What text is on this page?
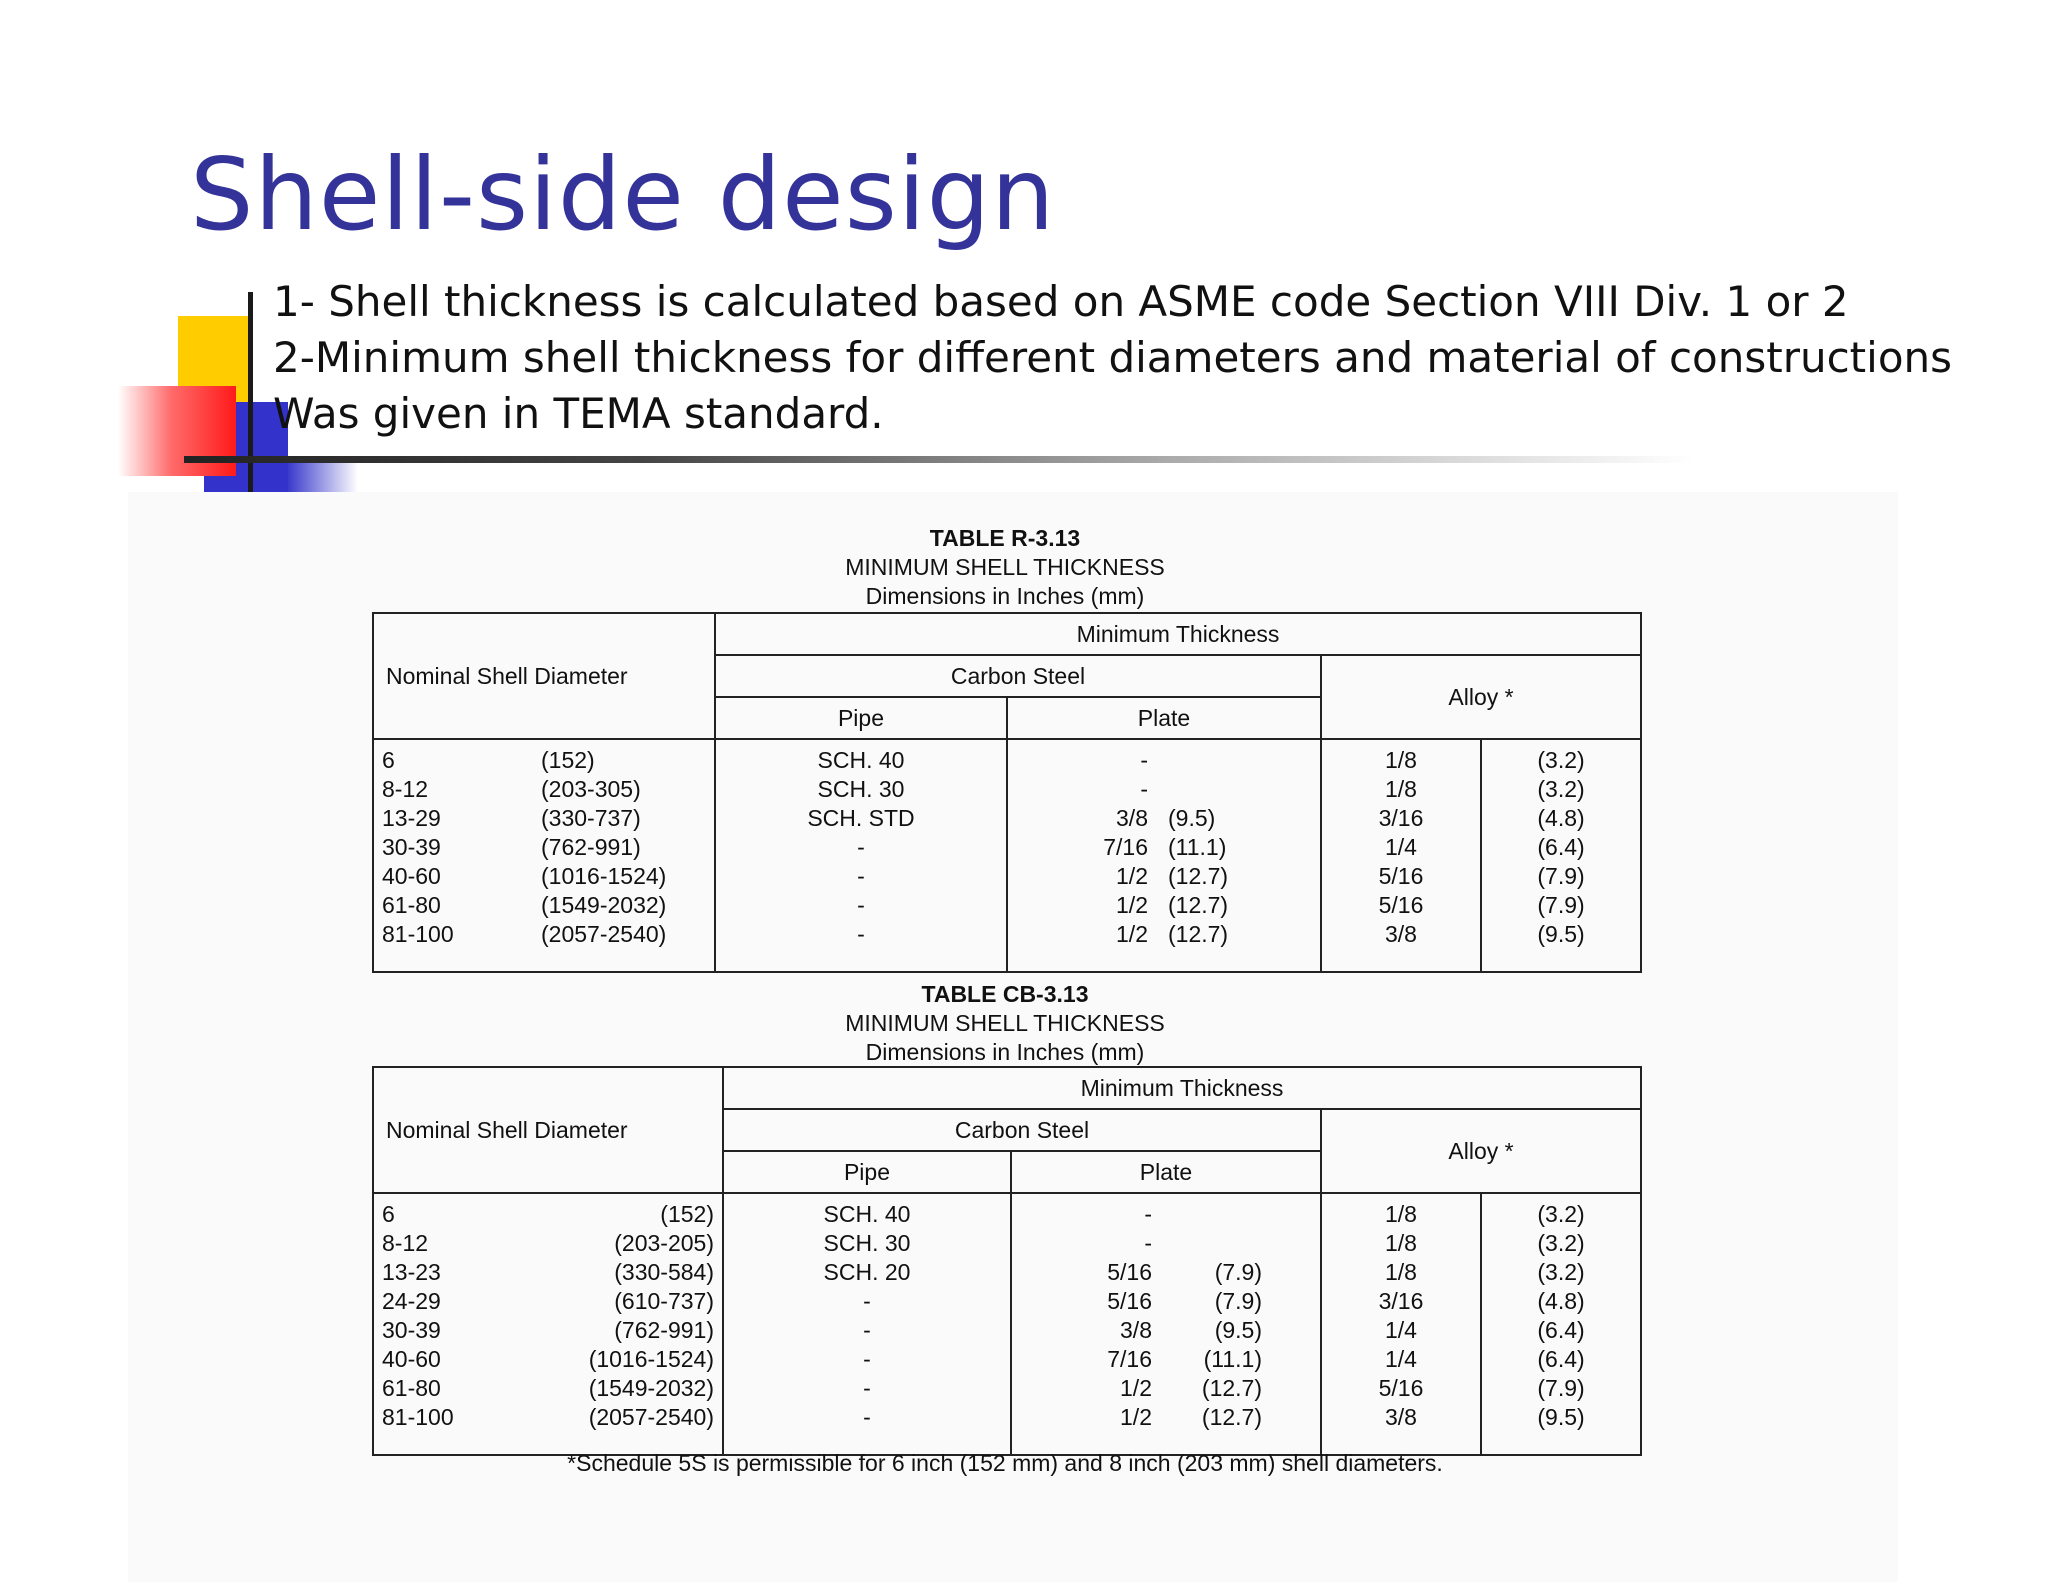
Shell-side design
1- Shell thickness is calculated based on ASME code Section VIII Div. 1 or 2
2-Minimum shell thickness for different diameters and material of constructions
Was given in TEMA standard.
TABLE R-3.13
MINIMUM SHELL THICKNESS
Dimensions in Inches (mm)
Nominal Shell Diameter		Minimum Thickness			
		Carbon Steel		Alloy *	
		Pipe	Plate		
6	(152)	SCH. 40	-	1/8	(3.2)
8-12	(203-305)	SCH. 30	-	1/8	(3.2)
13-29	(330-737)	SCH. STD	3/8 (9.5)	3/16	(4.8)
30-39	(762-991)	-	7/16 (11.1)	1/4	(6.4)
40-60	(1016-1524)	-	1/2 (12.7)	5/16	(7.9)
61-80	(1549-2032)	-	1/2 (12.7)	5/16	(7.9)
81-100	(2057-2540)	-	1/2 (12.7)	3/8	(9.5)
TABLE CB-3.13
MINIMUM SHELL THICKNESS
Dimensions in Inches (mm)
Nominal Shell Diameter		Minimum Thickness			
		Carbon Steel		Alloy *	
		Pipe	Plate		
6	(152)	SCH. 40	-	1/8	(3.2)
8-12	(203-205)	SCH. 30	-	1/8	(3.2)
13-23	(330-584)	SCH. 20	5/16 (7.9)	1/8	(3.2)
24-29	(610-737)	-	5/16 (7.9)	3/16	(4.8)
30-39	(762-991)	-	3/8 (9.5)	1/4	(6.4)
40-60	(1016-1524)	-	7/16 (11.1)	1/4	(6.4)
61-80	(1549-2032)	-	1/2 (12.7)	5/16	(7.9)
81-100	(2057-2540)	-	1/2 (12.7)	3/8	(9.5)
*Schedule 5S is permissible for 6 inch (152 mm) and 8 inch (203 mm) shell diameters.
